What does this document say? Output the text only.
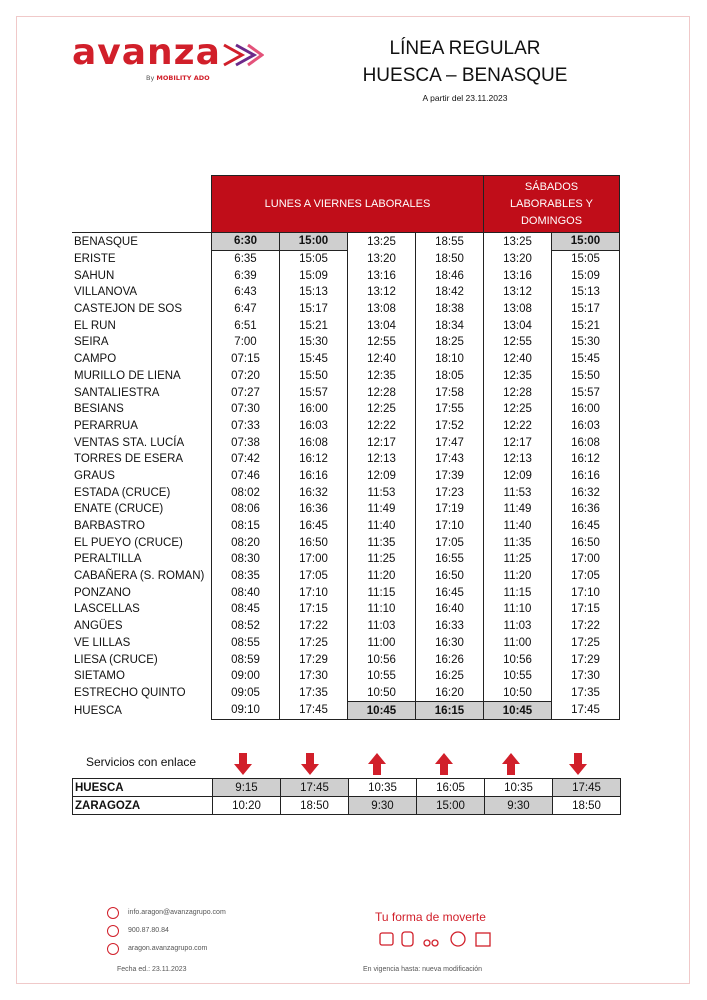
avanza
By MOBILITY ADO
LÍNEA REGULAR
HUESCA – BENASQUE
A partir del 23.11.2023
	LUNES A VIERNES LABORALES				SÁBADOS
LABORABLES Y
DOMINGOS	

BENASQUE	6:30	15:00	13:25	18:55	13:25	15:00
ERISTE	6:35	15:05	13:20	18:50	13:20	15:05
SAHUN	6:39	15:09	13:16	18:46	13:16	15:09
VILLANOVA	6:43	15:13	13:12	18:42	13:12	15:13
CASTEJON DE SOS	6:47	15:17	13:08	18:38	13:08	15:17
EL RUN	6:51	15:21	13:04	18:34	13:04	15:21
SEIRA	7:00	15:30	12:55	18:25	12:55	15:30
CAMPO	07:15	15:45	12:40	18:10	12:40	15:45
MURILLO DE LIENA	07:20	15:50	12:35	18:05	12:35	15:50
SANTALIESTRA	07:27	15:57	12:28	17:58	12:28	15:57
BESIANS	07:30	16:00	12:25	17:55	12:25	16:00
PERARRUA	07:33	16:03	12:22	17:52	12:22	16:03
VENTAS STA. LUCÍA	07:38	16:08	12:17	17:47	12:17	16:08
TORRES DE ESERA	07:42	16:12	12:13	17:43	12:13	16:12
GRAUS	07:46	16:16	12:09	17:39	12:09	16:16
ESTADA (CRUCE)	08:02	16:32	11:53	17:23	11:53	16:32
ENATE (CRUCE)	08:06	16:36	11:49	17:19	11:49	16:36
BARBASTRO	08:15	16:45	11:40	17:10	11:40	16:45
EL PUEYO (CRUCE)	08:20	16:50	11:35	17:05	11:35	16:50
PERALTILLA	08:30	17:00	11:25	16:55	11:25	17:00
CABAÑERA (S. ROMAN)	08:35	17:05	11:20	16:50	11:20	17:05
PONZANO	08:40	17:10	11:15	16:45	11:15	17:10
LASCELLAS	08:45	17:15	11:10	16:40	11:10	17:15
ANGÜES	08:52	17:22	11:03	16:33	11:03	17:22
VE LILLAS	08:55	17:25	11:00	16:30	11:00	17:25
LIESA (CRUCE)	08:59	17:29	10:56	16:26	10:56	17:29
SIETAMO	09:00	17:30	10:55	16:25	10:55	17:30
ESTRECHO QUINTO	09:05	17:35	10:50	16:20	10:50	17:35
HUESCA	09:10	17:45	10:45	16:15	10:45	17:45
Servicios con enlace
HUESCA	9:15	17:45	10:35	16:05	10:35	17:45
ZARAGOZA	10:20	18:50	9:30	15:00	9:30	18:50
info.aragon@avanzagrupo.com
900.87.80.84
aragon.avanzagrupo.com
Fecha ed.: 23.11.2023
Tu forma de moverte
En vigencia hasta: nueva modificación
